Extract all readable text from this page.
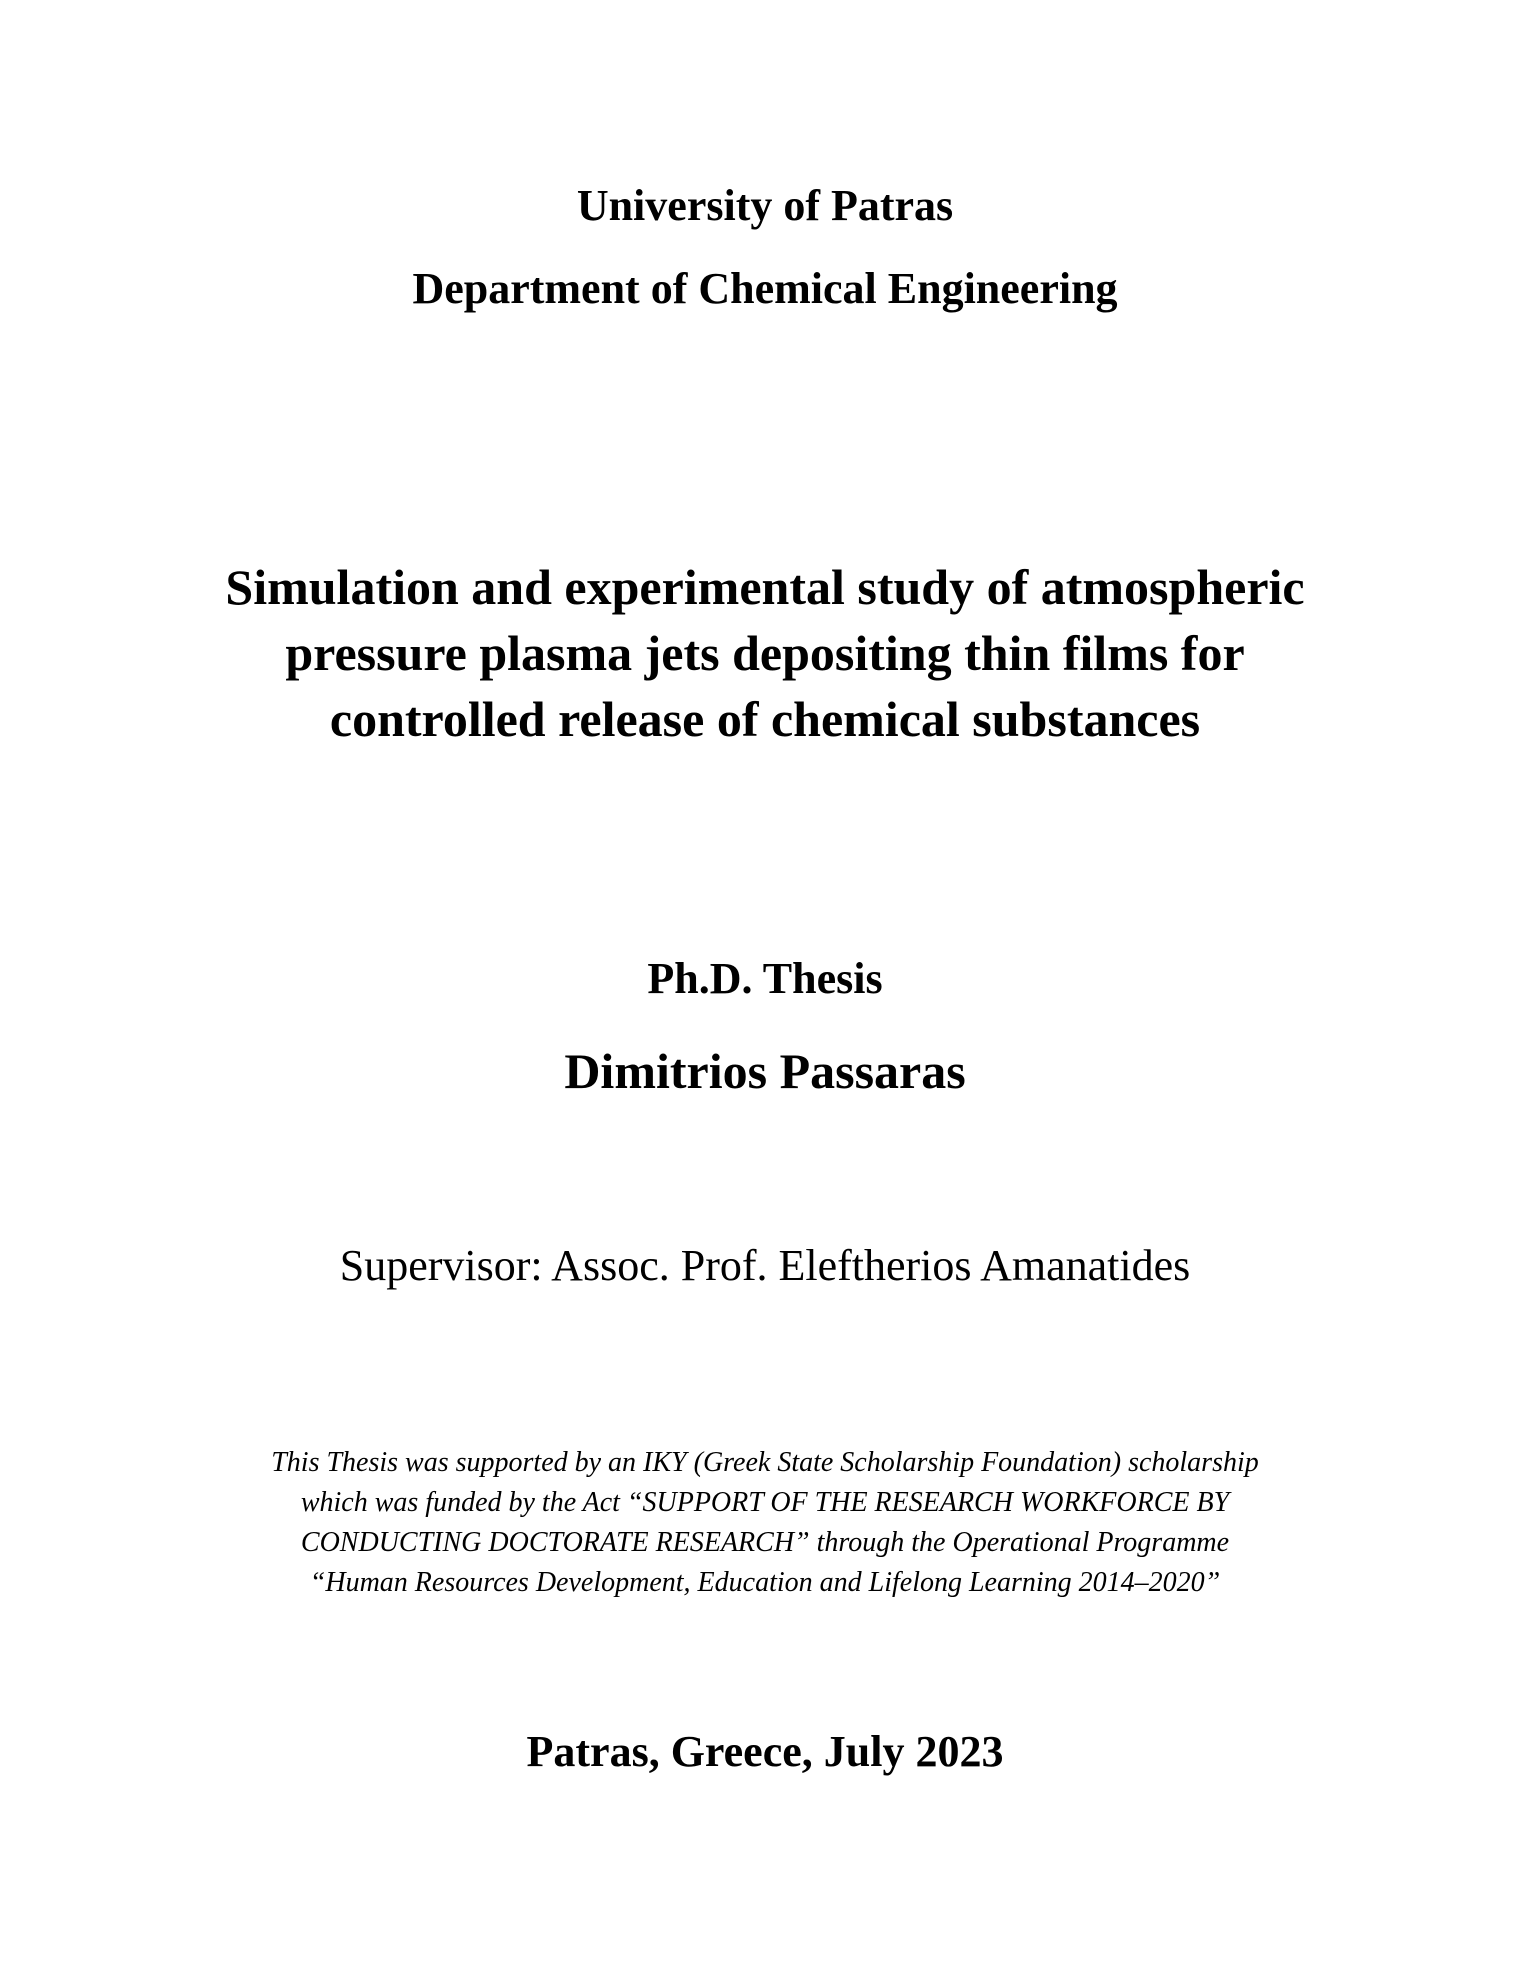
University of Patras

Department of Chemical Engineering

Simulation and experimental study of atmospheric
pressure plasma jets depositing thin films for
controlled release of chemical substances

Ph.D. Thesis

Dimitrios Passaras

Supervisor: Assoc. Prof. Eleftherios Amanatides

This Thesis was supported by an IKY (Greek State Scholarship Foundation) scholarship
which was funded by the Act “SUPPORT OF THE RESEARCH WORKFORCE BY
CONDUCTING DOCTORATE RESEARCH” through the Operational Programme
“Human Resources Development, Education and Lifelong Learning 2014–2020”

Patras, Greece, July 2023
